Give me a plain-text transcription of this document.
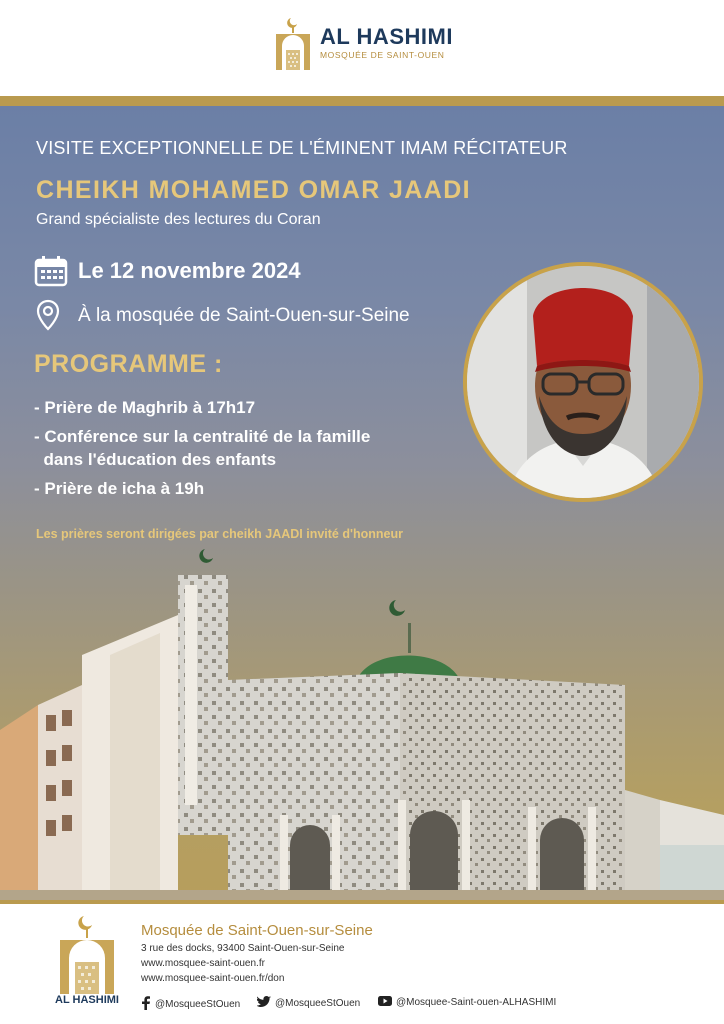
AL HASHIMI
MOSQUÉE DE SAINT-OUEN
VISITE EXCEPTIONNELLE DE L'ÉMINENT IMAM RÉCITATEUR
CHEIKH MOHAMED OMAR JAADI
Grand spécialiste des lectures du Coran
Le 12 novembre 2024
À la mosquée de Saint-Ouen-sur-Seine
PROGRAMME :
- Prière de Maghrib à 17h17
- Conférence sur la centralité de la famille
dans l'éducation des enfants
- Prière de icha à 19h
Les prières seront dirigées par cheikh JAADI invité d'honneur
AL HASHIMI
Mosquée de Saint-Ouen-sur-Seine
3 rue des docks, 93400 Saint-Ouen-sur-Seine
www.mosquee-saint-ouen.fr
www.mosquee-saint-ouen.fr/don
@MosqueeStOuen	@MosqueeStOuen	@Mosquee-Saint-ouen-ALHASHIMI
